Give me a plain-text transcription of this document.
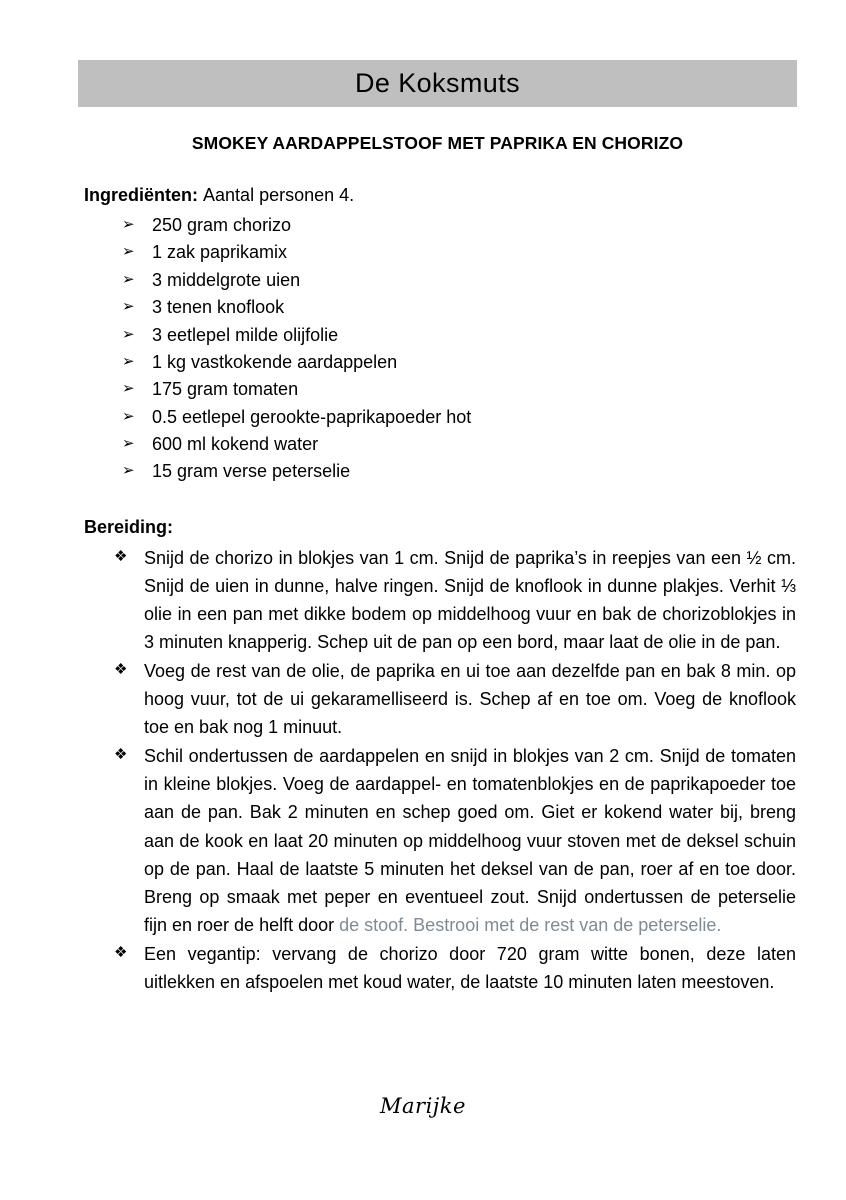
De Koksmuts
SMOKEY AARDAPPELSTOOF MET PAPRIKA EN CHORIZO
Ingrediënten: Aantal personen 4.
➢ 250 gram chorizo
➢ 1 zak paprikamix
➢ 3 middelgrote uien
➢ 3 tenen knoflook
➢ 3 eetlepel milde olijfolie
➢ 1 kg vastkokende aardappelen
➢ 175 gram tomaten
➢ 0.5 eetlepel gerookte-paprikapoeder hot
➢ 600 ml kokend water
➢ 15 gram verse peterselie
Bereiding:
❖ Snijd de chorizo in blokjes van 1 cm. Snijd de paprika’s in reepjes van een ½ cm. Snijd de uien in dunne, halve ringen. Snijd de knoflook in dunne plakjes. Verhit ⅓ olie in een pan met dikke bodem op middelhoog vuur en bak de chorizoblokjes in 3 minuten knapperig. Schep uit de pan op een bord, maar laat de olie in de pan.
❖ Voeg de rest van de olie, de paprika en ui toe aan dezelfde pan en bak 8 min. op hoog vuur, tot de ui gekaramelliseerd is. Schep af en toe om. Voeg de knoflook toe en bak nog 1 minuut.
❖ Schil ondertussen de aardappelen en snijd in blokjes van 2 cm. Snijd de tomaten in kleine blokjes. Voeg de aardappel- en tomatenblokjes en de paprikapoeder toe aan de pan. Bak 2 minuten en schep goed om. Giet er kokend water bij, breng aan de kook en laat 20 minuten op middelhoog vuur stoven met de deksel schuin op de pan. Haal de laatste 5 minuten het deksel van de pan, roer af en toe door. Breng op smaak met peper en eventueel zout. Snijd ondertussen de peterselie fijn en roer de helft door de stoof. Bestrooi met de rest van de peterselie.
❖ Een vegantip: vervang de chorizo door 720 gram witte bonen, deze laten uitlekken en afspoelen met koud water, de laatste 10 minuten laten meestoven.
Marijke
